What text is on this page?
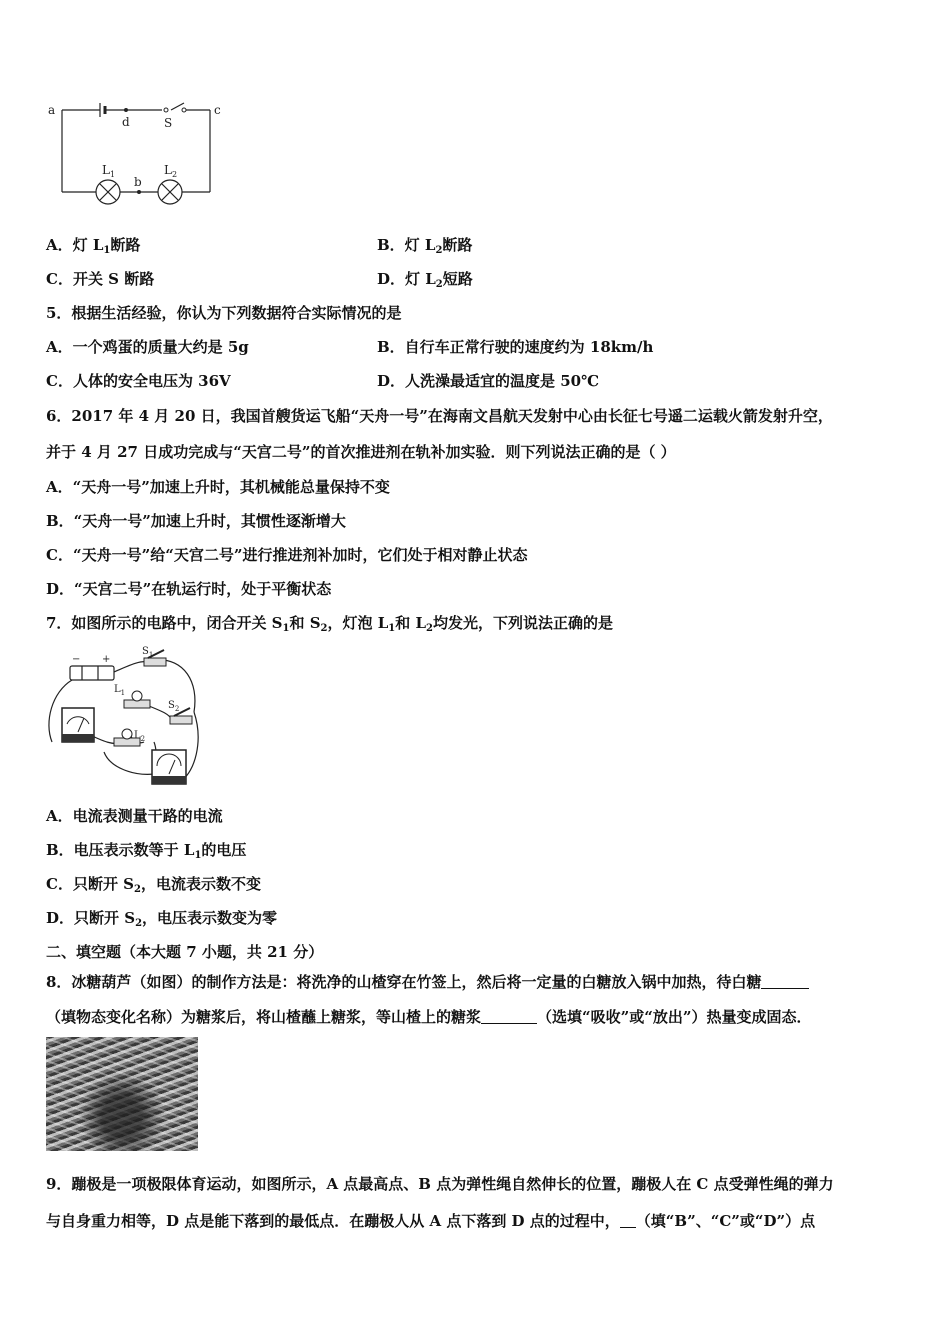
a	c
d	S
b
$L_1$	$L_2$
A．灯 $L_1$断路	B．灯 $L_2$断路
C．开关 S 断路	D．灯 $L_2$短路
5．根据生活经验，你认为下列数据符合实际情况的是
A．一个鸡蛋的质量大约是 5g	B．自行车正常行驶的速度约为 18km/h
C．人体的安全电压为 36V	D．人洗澡最适宜的温度是 50℃
6．2017 年 4 月 20 日，我国首艘货运飞船“天舟一号”在海南文昌航天发射中心由长征七号遥二运载火箭发射升空，
并于 4 月 27 日成功完成与“天宫二号”的首次推进剂在轨补加实验．则下列说法正确的是（ ）
A．“天舟一号”加速上升时，其机械能总量保持不变
B．“天舟一号”加速上升时，其惯性逐渐增大
C．“天舟一号”给“天宫二号”进行推进剂补加时，它们处于相对静止状态
D．“天宫二号”在轨运行时，处于平衡状态
7．如图所示的电路中，闭合开关 $S_1$和 $S_2$，灯泡 $L_1$和 $L_2$均发光，下列说法正确的是
− +
$S_1$
$L_1$
$S_2$
$L_2$
A．电流表测量干路的电流
B．电压表示数等于 $L_1$的电压
C．只断开 $S_2$，电流表示数不变
D．只断开 $S_2$，电压表示数变为零
二、填空题（本大题 7 小题，共 21 分）
8．冰糖葫芦（如图）的制作方法是：将洗净的山楂穿在竹签上，然后将一定量的白糖放入锅中加热，待白糖
（填物态变化名称）为糖浆后，将山楂蘸上糖浆，等山楂上的糖浆	（选填“吸收”或“放出”）热量变成固态．
9．蹦极是一项极限体育运动，如图所示，A 点最高点、B 点为弹性绳自然伸长的位置，蹦极人在 C 点受弹性绳的弹力
与自身重力相等，D 点是能下落到的最低点．在蹦极人从 A 点下落到 D 点的过程中， （填“B”、“C”或“D”）点
